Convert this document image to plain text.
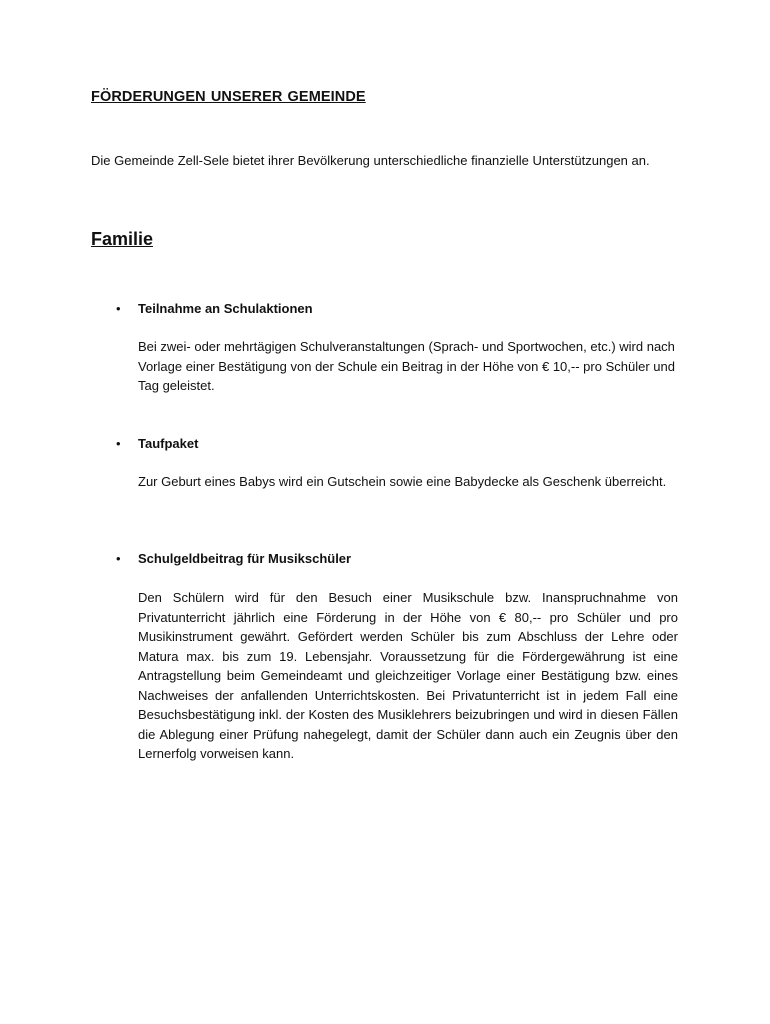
FÖRDERUNGEN UNSERER GEMEINDE

Die Gemeinde Zell-Sele bietet ihrer Bevölkerung unterschiedliche finanzielle Unterstützungen an.

Familie
• Teilnahme an Schulaktionen

Bei zwei- oder mehrtägigen Schulveranstaltungen (Sprach- und Sportwochen, etc.) wird nach Vorlage einer Bestätigung von der Schule ein Beitrag in der Höhe von € 10,-- pro Schüler und Tag geleistet.

• Taufpaket

Zur Geburt eines Babys wird ein Gutschein sowie eine Babydecke als Geschenk überreicht.

• Schulgeldbeitrag für Musikschüler

Den Schülern wird für den Besuch einer Musikschule bzw. Inanspruchnahme von Privatunterricht jährlich eine Förderung in der Höhe von € 80,-- pro Schüler und pro Musikinstrument gewährt. Gefördert werden Schüler bis zum Abschluss der Lehre oder Matura max. bis zum 19. Lebensjahr. Voraussetzung für die Fördergewährung ist eine Antragstellung beim Gemeindeamt und gleichzeitiger Vorlage einer Bestätigung bzw. eines Nachweises der anfallenden Unterrichtskosten. Bei Privatunterricht ist in jedem Fall eine Besuchsbestätigung inkl. der Kosten des Musiklehrers beizubringen und wird in diesen Fällen die Ablegung einer Prüfung nahegelegt, damit der Schüler dann auch ein Zeugnis über den Lernerfolg vorweisen kann.
